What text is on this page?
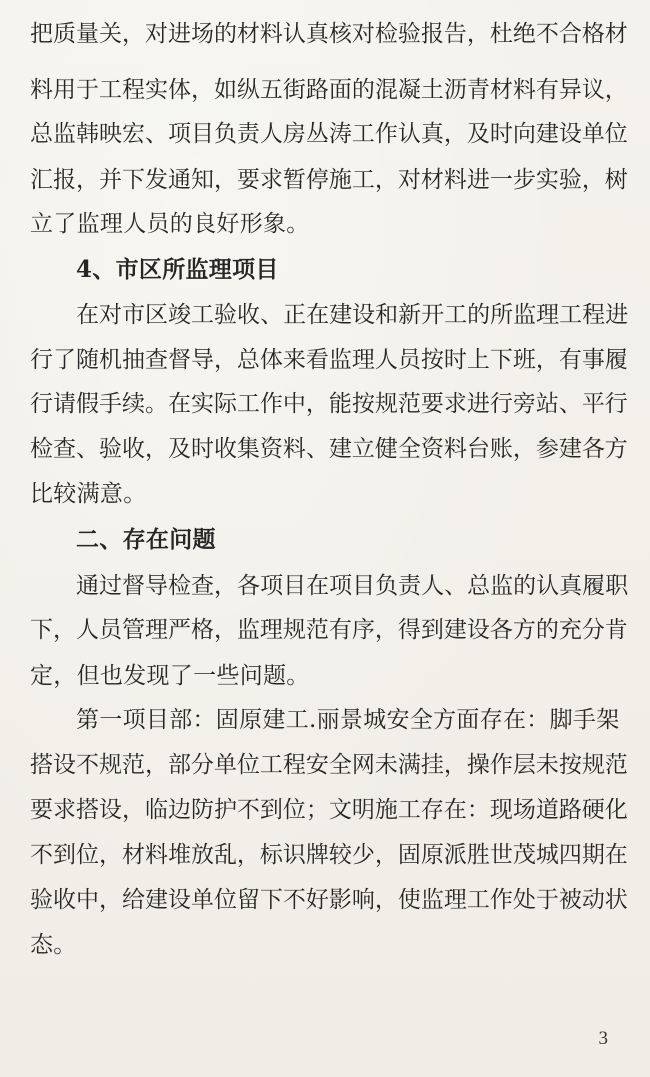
把质量关，对进场的材料认真核对检验报告，杜绝不合格材
料用于工程实体，如纵五街路面的混凝土沥青材料有异议，
总监韩映宏、项目负责人房丛涛工作认真，及时向建设单位
汇报，并下发通知，要求暂停施工，对材料进一步实验，树
立了监理人员的良好形象。
4、市区所监理项目
在对市区竣工验收、正在建设和新开工的所监理工程进
行了随机抽查督导，总体来看监理人员按时上下班，有事履
行请假手续。在实际工作中，能按规范要求进行旁站、平行
检查、验收，及时收集资料、建立健全资料台账，参建各方
比较满意。
二、存在问题
通过督导检查，各项目在项目负责人、总监的认真履职
下，人员管理严格，监理规范有序，得到建设各方的充分肯
定，但也发现了一些问题。
第一项目部：固原建工.丽景城安全方面存在：脚手架
搭设不规范，部分单位工程安全网未满挂，操作层未按规范
要求搭设，临边防护不到位；文明施工存在：现场道路硬化
不到位，材料堆放乱，标识牌较少，固原派胜世茂城四期在
验收中，给建设单位留下不好影响，使监理工作处于被动状
态。
3
